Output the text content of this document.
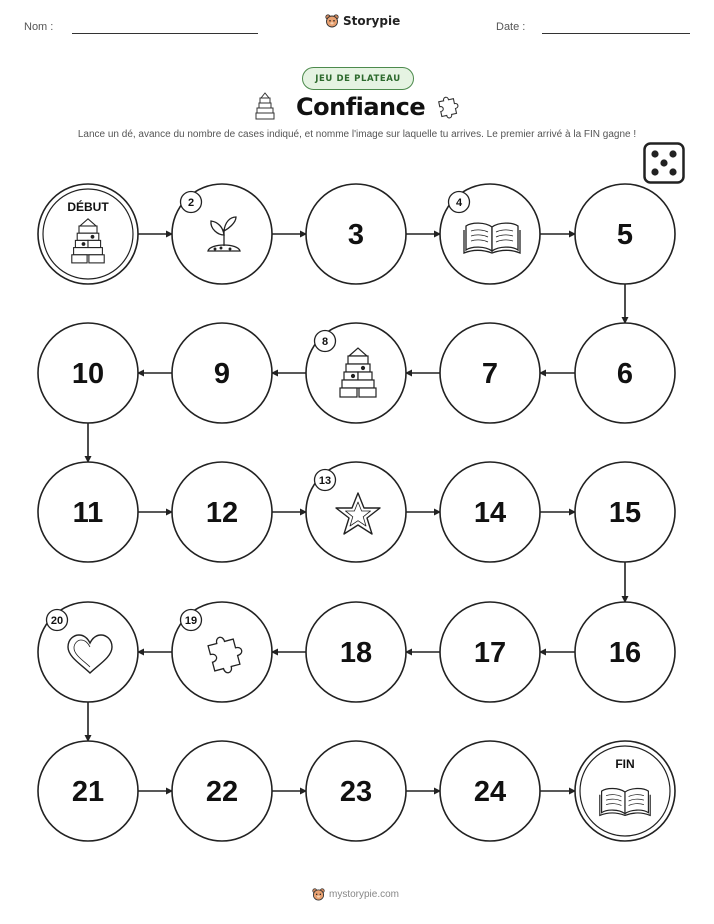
Nom :	Storypie	Date :
JEU DE PLATEAU
Confiance
Lance un dé, avance du nombre de cases indiqué, et nomme l'image sur laquelle tu arrives. Le premier arrivé à la FIN gagne !
DÉBUT	2
3
4
5
6
7
8
9
10
11	12
13
14	15
16
17
18
19
20
21	22	23	24
FIN
mystorypie.com
